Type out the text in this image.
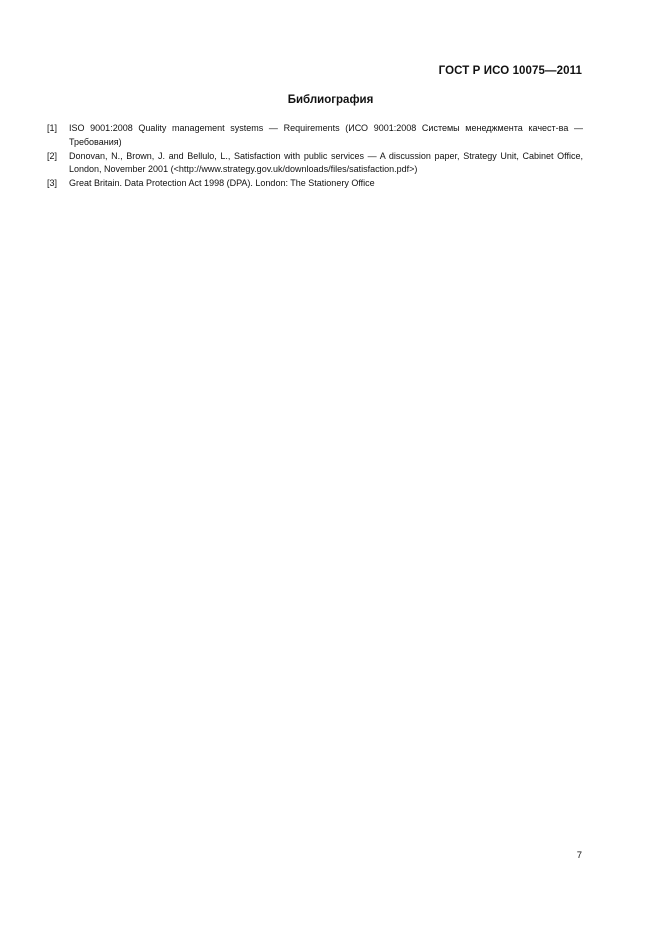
ГОСТ Р ИСО 10075—2011
Библиография
[1]	ISO 9001:2008 Quality management systems — Requirements (ИСО 9001:2008 Системы менеджмента качест-ва — Требования)
[2]	Donovan, N., Brown, J. and Bellulo, L., Satisfaction with public services — A discussion paper, Strategy Unit, Cabinet Office, London, November 2001 (<http://www.strategy.gov.uk/downloads/files/satisfaction.pdf>)
[3]	Great Britain. Data Protection Act 1998 (DPA). London: The Stationery Office
7
